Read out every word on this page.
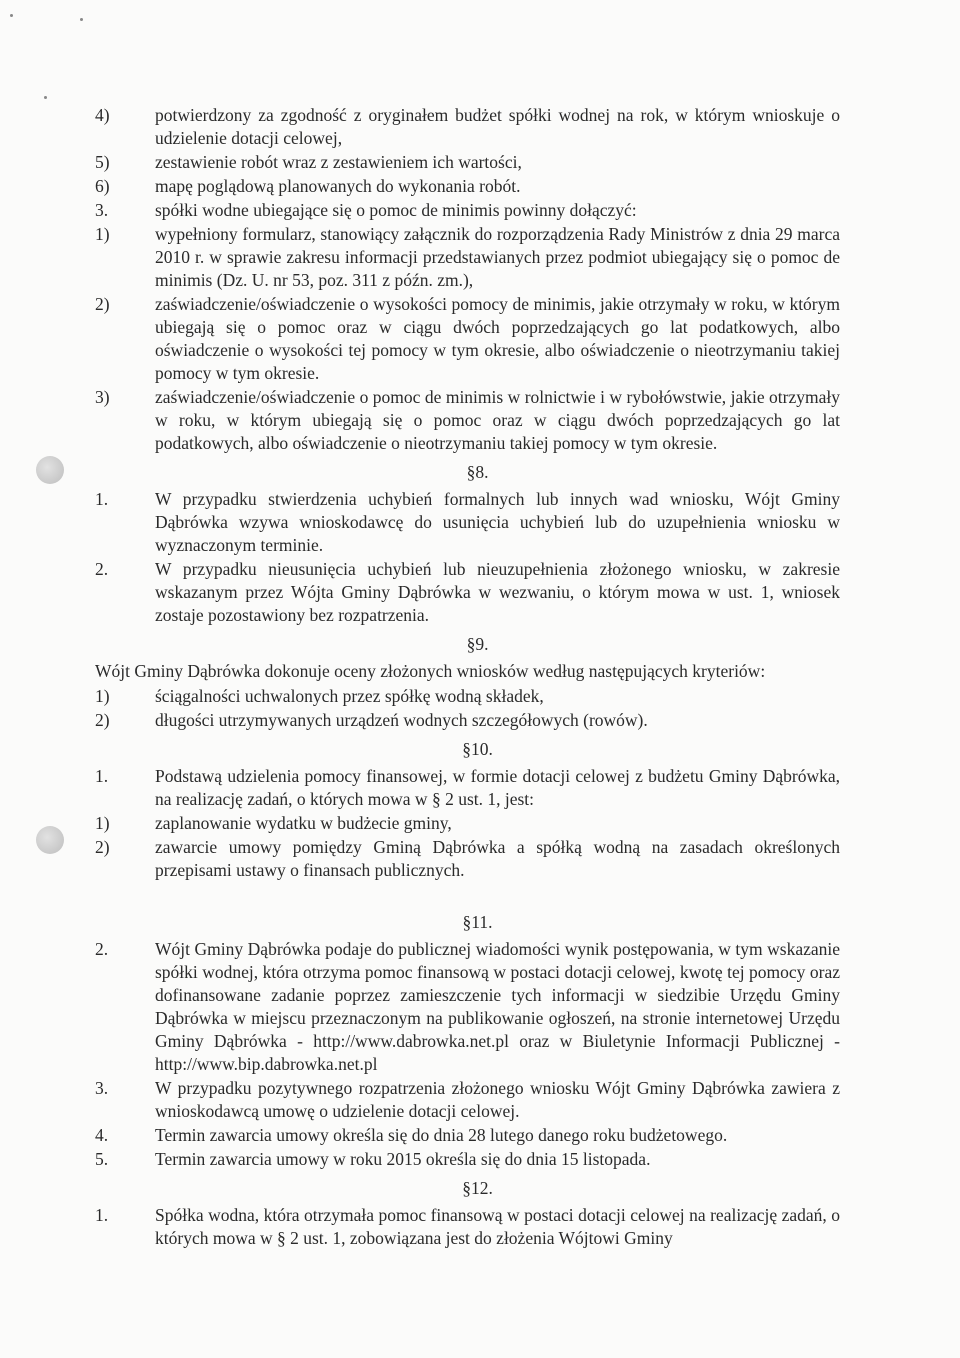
4)	potwierdzony za zgodność z oryginałem budżet spółki wodnej na rok, w którym wnioskuje o udzielenie dotacji celowej,
5)	zestawienie robót wraz z zestawieniem ich wartości,
6)	mapę poglądową planowanych do wykonania robót.
3.	spółki wodne ubiegające się o pomoc de minimis powinny dołączyć:
1)	wypełniony formularz, stanowiący załącznik do rozporządzenia Rady Ministrów z dnia 29 marca 2010 r. w sprawie zakresu informacji przedstawianych przez podmiot ubiegający się o pomoc de minimis (Dz. U. nr 53, poz. 311 z późn. zm.),
2)	zaświadczenie/oświadczenie o wysokości pomocy de minimis, jakie otrzymały w roku, w którym ubiegają się o pomoc oraz w ciągu dwóch poprzedzających go lat podatkowych, albo oświadczenie o wysokości tej pomocy w tym okresie, albo oświadczenie o nieotrzymaniu takiej pomocy w tym okresie.
3)	zaświadczenie/oświadczenie o pomoc de minimis w rolnictwie i w rybołówstwie, jakie otrzymały w roku, w którym ubiegają się o pomoc oraz w ciągu dwóch poprzedzających go lat podatkowych, albo oświadczenie o nieotrzymaniu takiej pomocy w tym okresie.
§8.
1.	W przypadku stwierdzenia uchybień formalnych lub innych wad wniosku, Wójt Gminy Dąbrówka wzywa wnioskodawcę do usunięcia uchybień lub do uzupełnienia wniosku w wyznaczonym terminie.
2.	W przypadku nieusunięcia uchybień lub nieuzupełnienia złożonego wniosku, w zakresie wskazanym przez Wójta Gminy Dąbrówka w wezwaniu, o którym mowa w ust. 1, wniosek zostaje pozostawiony bez rozpatrzenia.
§9.
Wójt Gminy Dąbrówka dokonuje oceny złożonych wniosków według następujących kryteriów:
1)	ściągalności uchwalonych przez spółkę wodną składek,
2)	długości utrzymywanych urządzeń wodnych szczegółowych (rowów).
§10.
1.	Podstawą udzielenia pomocy finansowej, w formie dotacji celowej z budżetu Gminy Dąbrówka, na realizację zadań, o których mowa w § 2 ust. 1, jest:
1)	zaplanowanie wydatku w budżecie gminy,
2)	zawarcie umowy pomiędzy Gminą Dąbrówka a spółką wodną na zasadach określonych przepisami ustawy o finansach publicznych.
§11.
2.	Wójt Gminy Dąbrówka podaje do publicznej wiadomości wynik postępowania, w tym wskazanie spółki wodnej, która otrzyma pomoc finansową w postaci dotacji celowej, kwotę tej pomocy oraz dofinansowane zadanie poprzez zamieszczenie tych informacji w siedzibie Urzędu Gminy Dąbrówka w miejscu przeznaczonym na publikowanie ogłoszeń, na stronie internetowej Urzędu Gminy Dąbrówka - http://www.dabrowka.net.pl oraz w Biuletynie Informacji Publicznej - http://www.bip.dabrowka.net.pl
3.	W przypadku pozytywnego rozpatrzenia złożonego wniosku Wójt Gminy Dąbrówka zawiera z wnioskodawcą umowę o udzielenie dotacji celowej.
4.	Termin zawarcia umowy określa się do dnia 28 lutego danego roku budżetowego.
5.	Termin zawarcia umowy w roku 2015 określa się do dnia 15 listopada.
§12.
1.	Spółka wodna, która otrzymała pomoc finansową w postaci dotacji celowej na realizację zadań, o których mowa w § 2 ust. 1, zobowiązana jest do złożenia Wójtowi Gminy
